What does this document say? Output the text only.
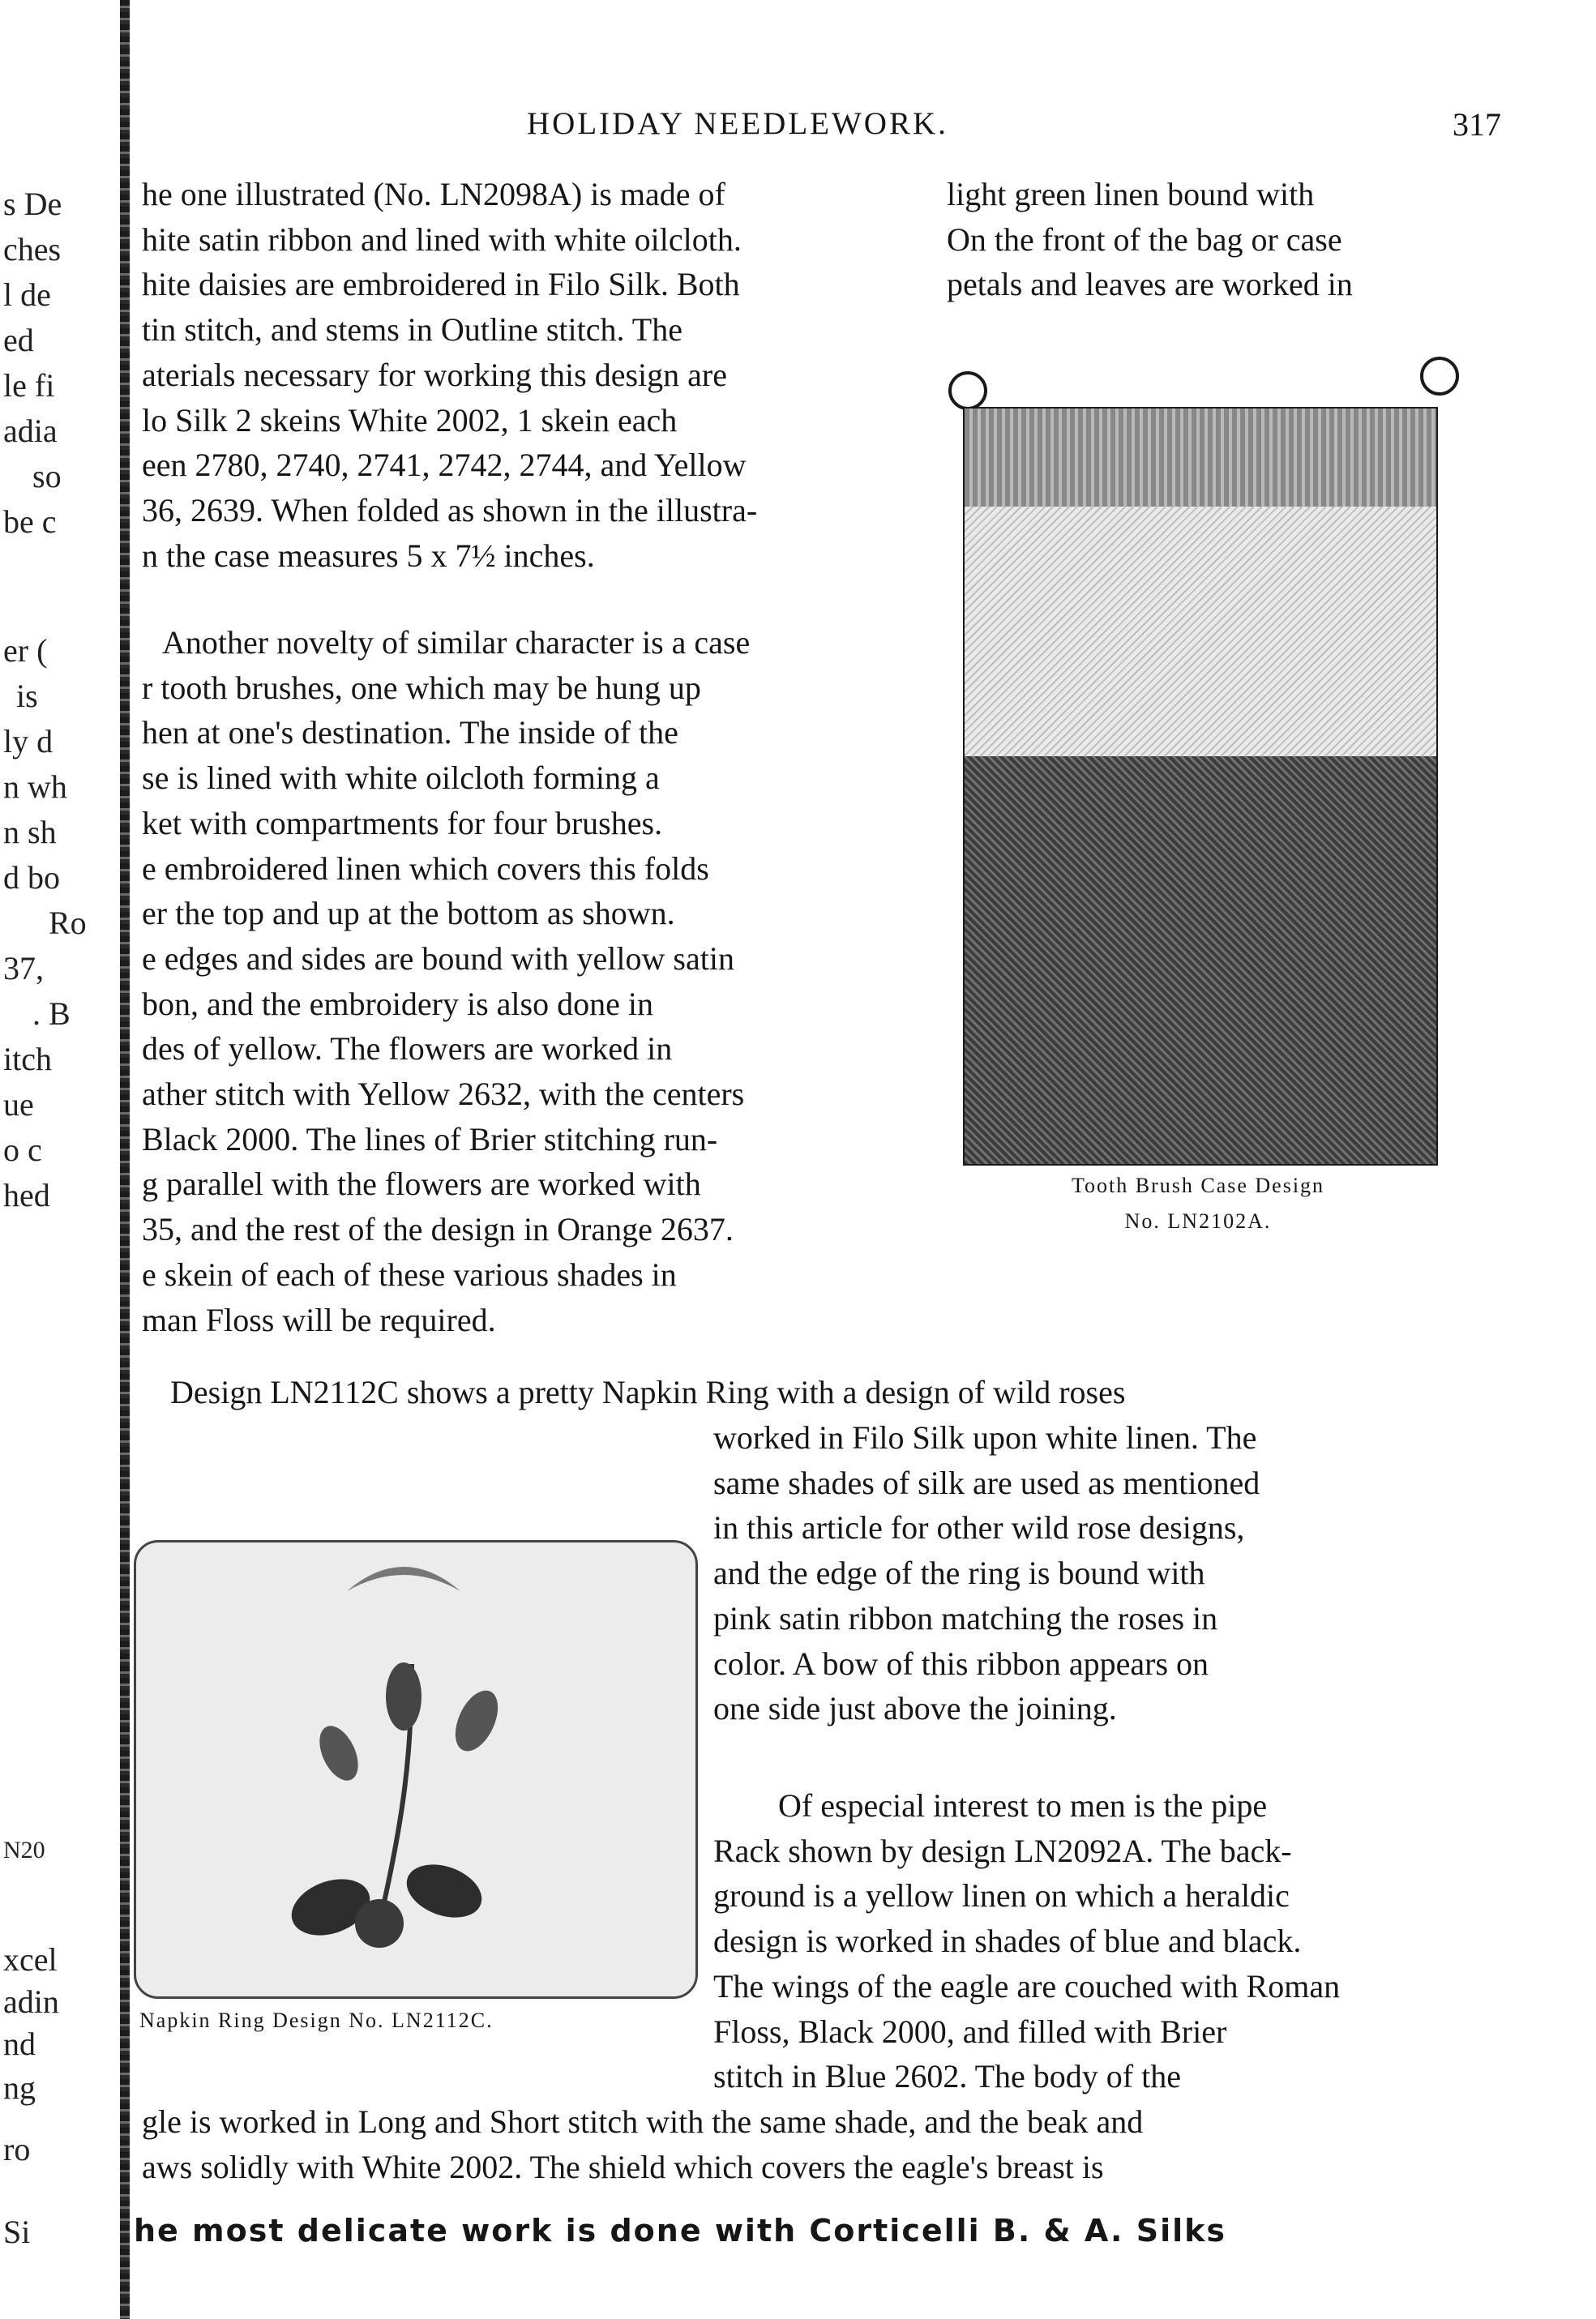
s De
ches
l de
ed
le fi
adia
so
be c
er (
is
ly d
n wh
n sh
d bo
Ro
37,
. B
itch
ue
o c
hed
N20
xcel
adin
nd
ng
ro
Si
HOLIDAY NEEDLEWORK.	317

he one illustrated (No. LN2098A) is made of

hite satin ribbon and lined with white oilcloth.

hite daisies are embroidered in Filo Silk. Both

tin stitch, and stems in Outline stitch. The

aterials necessary for working this design are

lo Silk 2 skeins White 2002, 1 skein each

een 2780, 2740, 2741, 2742, 2744, and Yellow

36, 2639. When folded as shown in the illustra-

n the case measures 5 x 7½ inches.

light green linen bound with

On the front of the bag or case

petals and leaves are worked in

Tooth Brush Case Design
No. LN2102A.

Another novelty of similar character is a case

r tooth brushes, one which may be hung up

hen at one's destination. The inside of the

se is lined with white oilcloth forming a

ket with compartments for four brushes.

e embroidered linen which covers this folds

er the top and up at the bottom as shown.

e edges and sides are bound with yellow satin

bon, and the embroidery is also done in

des of yellow. The flowers are worked in

ather stitch with Yellow 2632, with the centers

Black 2000. The lines of Brier stitching run-

g parallel with the flowers are worked with

35, and the rest of the design in Orange 2637.

e skein of each of these various shades in

man Floss will be required.

Design LN2112C shows a pretty Napkin Ring with a design of wild roses

worked in Filo Silk upon white linen. The

same shades of silk are used as mentioned

in this article for other wild rose designs,

and the edge of the ring is bound with

pink satin ribbon matching the roses in

color. A bow of this ribbon appears on

one side just above the joining.

Napkin Ring Design No. LN2112C.

Of especial interest to men is the pipe

Rack shown by design LN2092A. The back-

ground is a yellow linen on which a heraldic

design is worked in shades of blue and black.

The wings of the eagle are couched with Roman

Floss, Black 2000, and filled with Brier

stitch in Blue 2602. The body of the

gle is worked in Long and Short stitch with the same shade, and the beak and
aws solidly with White 2002. The shield which covers the eagle's breast is
he most delicate work is done with Corticelli B. & A. Silks
